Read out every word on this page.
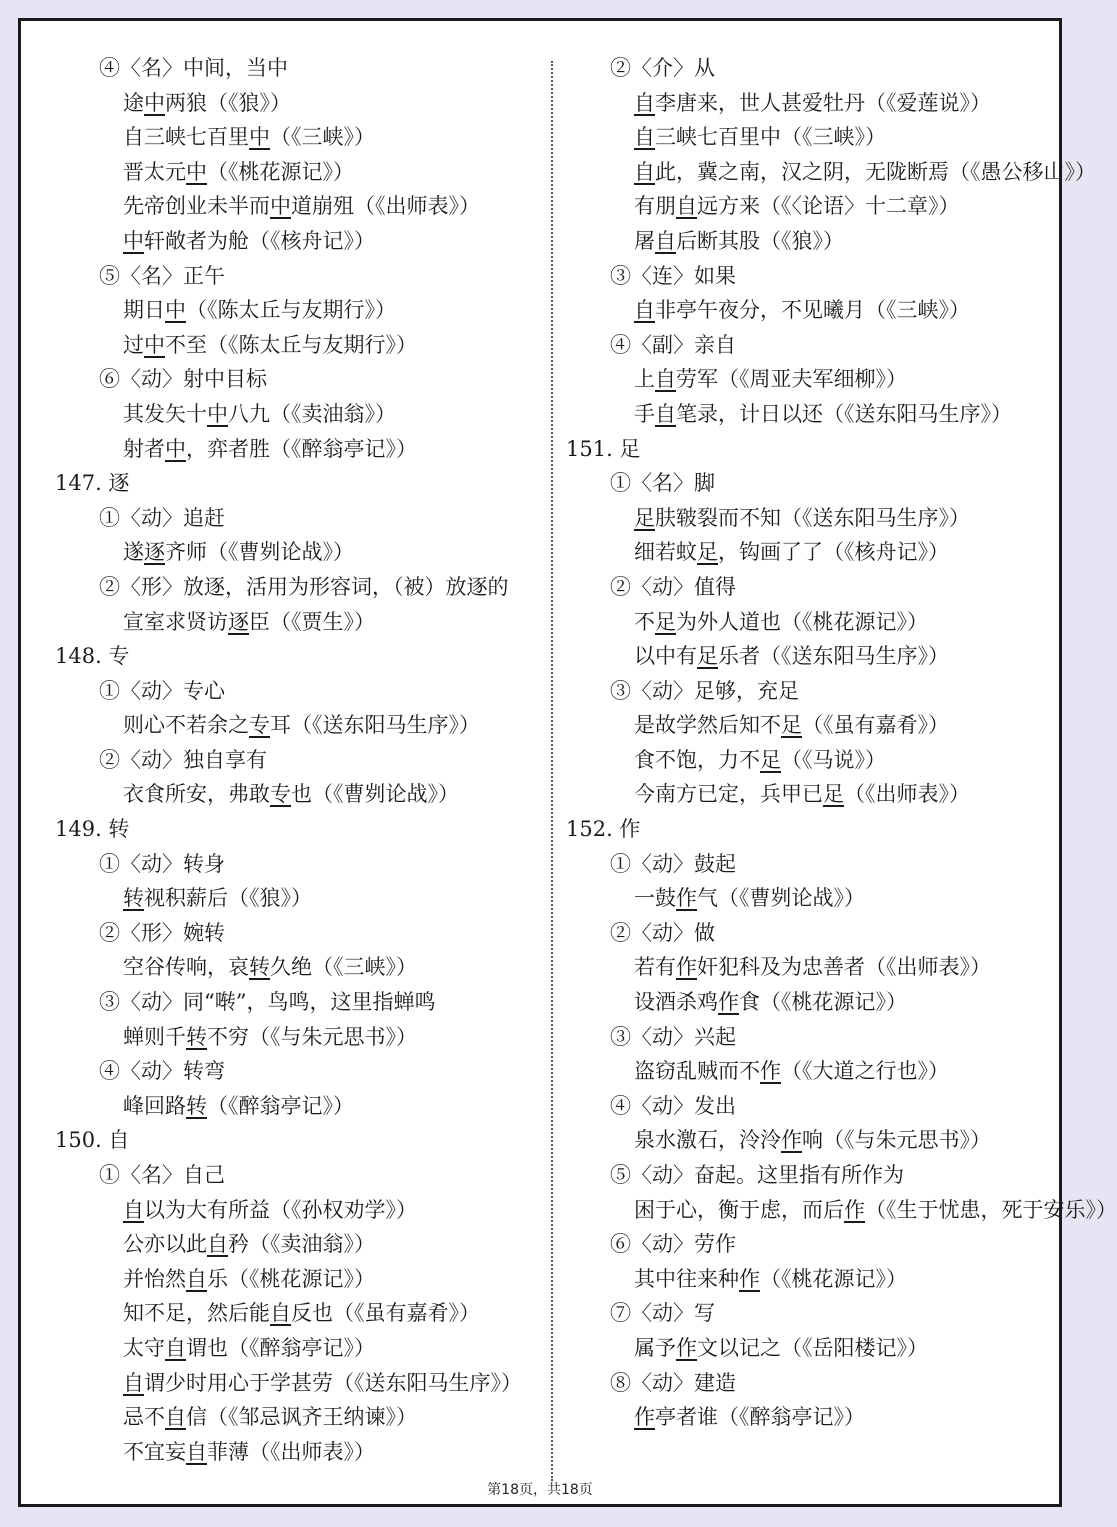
④〈名〉中间，当中
途中两狼（《狼》）
自三峡七百里中（《三峡》）
晋太元中（《桃花源记》）
先帝创业未半而中道崩殂（《出师表》）
中轩敞者为舱（《核舟记》）
⑤〈名〉正午
期日中（《陈太丘与友期行》）
过中不至（《陈太丘与友期行》）
⑥〈动〉射中目标
其发矢十中八九（《卖油翁》）
射者中，弈者胜（《醉翁亭记》）
147. 逐
①〈动〉追赶
遂逐齐师（《曹刿论战》）
②〈形〉放逐，活用为形容词，（被）放逐的
宣室求贤访逐臣（《贾生》）
148. 专
①〈动〉专心
则心不若余之专耳（《送东阳马生序》）
②〈动〉独自享有
衣食所安，弗敢专也（《曹刿论战》）
149. 转
①〈动〉转身
转视积薪后（《狼》）
②〈形〉婉转
空谷传响，哀转久绝（《三峡》）
③〈动〉同“啭”，鸟鸣，这里指蝉鸣
蝉则千转不穷（《与朱元思书》）
④〈动〉转弯
峰回路转（《醉翁亭记》）
150. 自
①〈名〉自己
自以为大有所益（《孙权劝学》）
公亦以此自矜（《卖油翁》）
并怡然自乐（《桃花源记》）
知不足，然后能自反也（《虽有嘉肴》）
太守自谓也（《醉翁亭记》）
自谓少时用心于学甚劳（《送东阳马生序》）
忌不自信（《邹忌讽齐王纳谏》）
不宜妄自菲薄（《出师表》）
②〈介〉从
自李唐来，世人甚爱牡丹（《爱莲说》）
自三峡七百里中（《三峡》）
自此，冀之南，汉之阴，无陇断焉（《愚公移山》）
有朋自远方来（《〈论语〉十二章》）
屠自后断其股（《狼》）
③〈连〉如果
自非亭午夜分，不见曦月（《三峡》）
④〈副〉亲自
上自劳军（《周亚夫军细柳》）
手自笔录，计日以还（《送东阳马生序》）
151. 足
①〈名〉脚
足肤皲裂而不知（《送东阳马生序》）
细若蚊足，钩画了了（《核舟记》）
②〈动〉值得
不足为外人道也（《桃花源记》）
以中有足乐者（《送东阳马生序》）
③〈动〉足够，充足
是故学然后知不足（《虽有嘉肴》）
食不饱，力不足（《马说》）
今南方已定，兵甲已足（《出师表》）
152. 作
①〈动〉鼓起
一鼓作气（《曹刿论战》）
②〈动〉做
若有作奸犯科及为忠善者（《出师表》）
设酒杀鸡作食（《桃花源记》）
③〈动〉兴起
盗窃乱贼而不作（《大道之行也》）
④〈动〉发出
泉水激石，泠泠作响（《与朱元思书》）
⑤〈动〉奋起。这里指有所作为
困于心，衡于虑，而后作（《生于忧患，死于安乐》）
⑥〈动〉劳作
其中往来种作（《桃花源记》）
⑦〈动〉写
属予作文以记之（《岳阳楼记》）
⑧〈动〉建造
作亭者谁（《醉翁亭记》）
第18页，共18页
